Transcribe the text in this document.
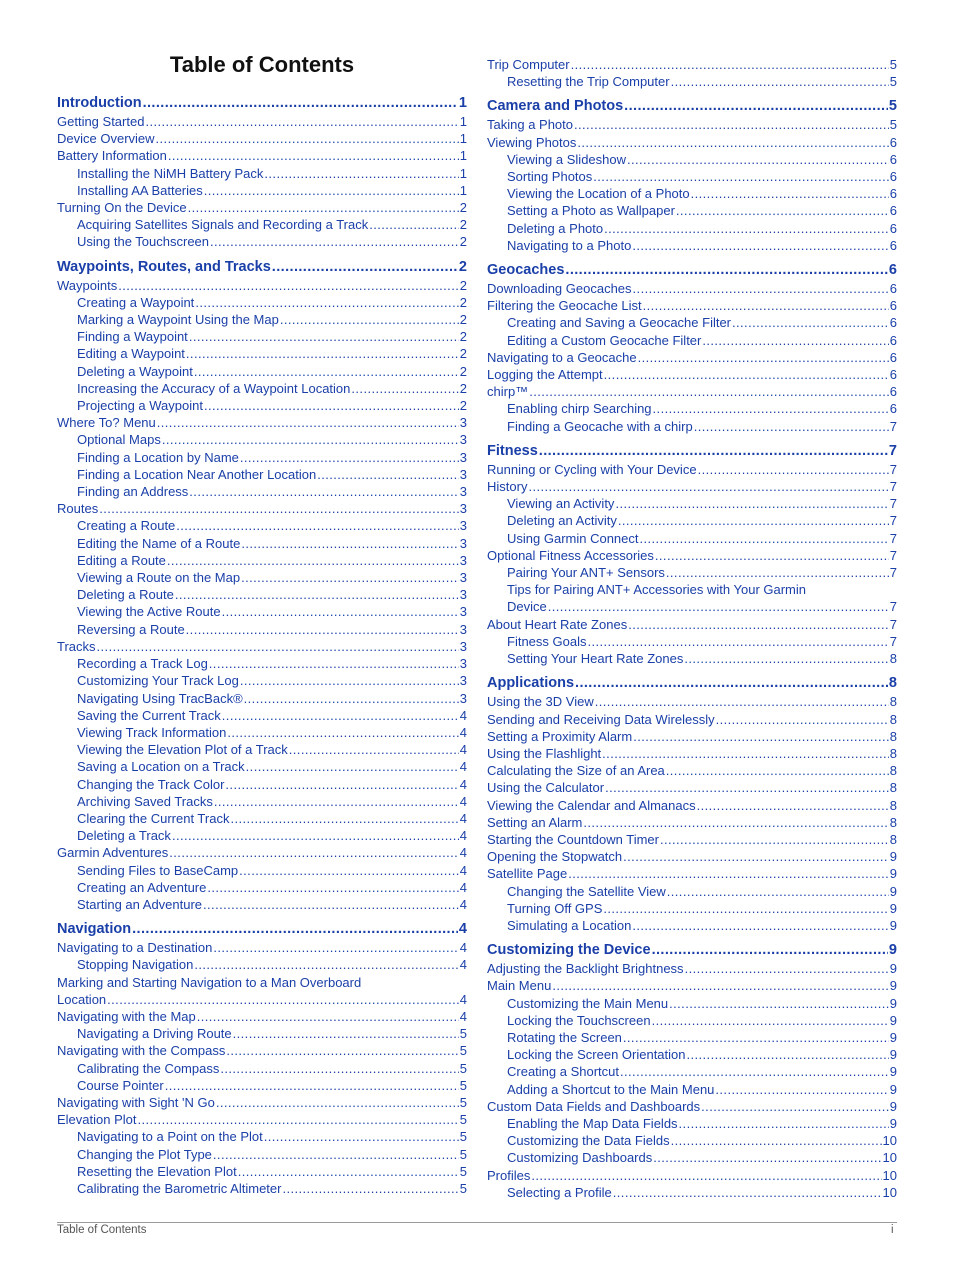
Table of Contents
Introduction .....	1
Getting Started .....	1
Device Overview .....	1
Battery Information .....	1
Installing the NiMH Battery Pack .....	1
Installing AA Batteries .....	1
Turning On the Device .....	2
Acquiring Satellites Signals and Recording a Track .....	2
Using the Touchscreen .....	2
Waypoints, Routes, and Tracks .....	2
Waypoints .....	2
Creating a Waypoint .....	2
Marking a Waypoint Using the Map .....	2
Finding a Waypoint .....	2
Editing a Waypoint .....	2
Deleting a Waypoint .....	2
Increasing the Accuracy of a Waypoint Location .....	2
Projecting a Waypoint .....	2
Where To? Menu .....	3
Optional Maps .....	3
Finding a Location by Name .....	3
Finding a Location Near Another Location .....	3
Finding an Address .....	3
Routes .....	3
Creating a Route .....	3
Editing the Name of a Route .....	3
Editing a Route .....	3
Viewing a Route on the Map .....	3
Deleting a Route .....	3
Viewing the Active Route .....	3
Reversing a Route .....	3
Tracks .....	3
Recording a Track Log .....	3
Customizing Your Track Log .....	3
Navigating Using TracBack® .....	3
Saving the Current Track .....	4
Viewing Track Information .....	4
Viewing the Elevation Plot of a Track .....	4
Saving a Location on a Track .....	4
Changing the Track Color .....	4
Archiving Saved Tracks .....	4
Clearing the Current Track .....	4
Deleting a Track .....	4
Garmin Adventures .....	4
Sending Files to BaseCamp .....	4
Creating an Adventure .....	4
Starting an Adventure .....	4
Navigation .....	4
Navigating to a Destination .....	4
Stopping Navigation .....	4
Marking and Starting Navigation to a Man Overboard
Location .....	4
Navigating with the Map .....	4
Navigating a Driving Route .....	5
Navigating with the Compass .....	5
Calibrating the Compass .....	5
Course Pointer .....	5
Navigating with Sight 'N Go .....	5
Elevation Plot .....	5
Navigating to a Point on the Plot .....	5
Changing the Plot Type .....	5
Resetting the Elevation Plot .....	5
Calibrating the Barometric Altimeter .....	5
Trip Computer .....	5
Resetting the Trip Computer .....	5
Camera and Photos .....	5
Taking a Photo .....	5
Viewing Photos .....	6
Viewing a Slideshow .....	6
Sorting Photos .....	6
Viewing the Location of a Photo .....	6
Setting a Photo as Wallpaper .....	6
Deleting a Photo .....	6
Navigating to a Photo .....	6
Geocaches .....	6
Downloading Geocaches .....	6
Filtering the Geocache List .....	6
Creating and Saving a Geocache Filter .....	6
Editing a Custom Geocache Filter .....	6
Navigating to a Geocache .....	6
Logging the Attempt .....	6
chirp™ .....	6
Enabling chirp Searching .....	6
Finding a Geocache with a chirp .....	7
Fitness .....	7
Running or Cycling with Your Device .....	7
History .....	7
Viewing an Activity .....	7
Deleting an Activity .....	7
Using Garmin Connect .....	7
Optional Fitness Accessories .....	7
Pairing Your ANT+ Sensors .....	7
Tips for Pairing ANT+ Accessories with Your Garmin
Device .....	7
About Heart Rate Zones .....	7
Fitness Goals .....	7
Setting Your Heart Rate Zones .....	8
Applications .....	8
Using the 3D View .....	8
Sending and Receiving Data Wirelessly .....	8
Setting a Proximity Alarm .....	8
Using the Flashlight .....	8
Calculating the Size of an Area .....	8
Using the Calculator .....	8
Viewing the Calendar and Almanacs .....	8
Setting an Alarm .....	8
Starting the Countdown Timer .....	8
Opening the Stopwatch .....	9
Satellite Page .....	9
Changing the Satellite View .....	9
Turning Off GPS .....	9
Simulating a Location .....	9
Customizing the Device .....	9
Adjusting the Backlight Brightness .....	9
Main Menu .....	9
Customizing the Main Menu .....	9
Locking the Touchscreen .....	9
Rotating the Screen .....	9
Locking the Screen Orientation .....	9
Creating a Shortcut .....	9
Adding a Shortcut to the Main Menu .....	9
Custom Data Fields and Dashboards .....	9
Enabling the Map Data Fields .....	9
Customizing the Data Fields .....	10
Customizing Dashboards .....	10
Profiles .....	10
Selecting a Profile .....	10
Table of Contents	i
